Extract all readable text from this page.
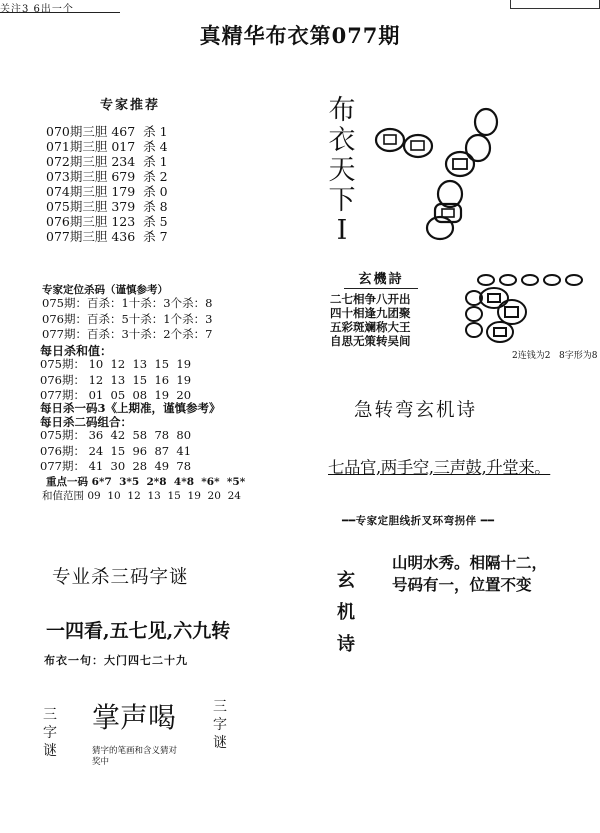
关注3 6出一个
真精华布衣第077期
专家推荐
070期三胆 467  杀 1
071期三胆 017  杀 4
072期三胆 234  杀 1
073期三胆 679  杀 2
074期三胆 179  杀 0
075期三胆 379  杀 8
076期三胆 123  杀 5
077期三胆 436  杀 7
专家定位杀码（谨慎参考）
075期：百杀：1十杀：3个杀：8
076期：百杀：5十杀：1个杀：3
077期：百杀：3十杀：2个杀：7
每日杀和值：
075期： 10  12  13  15  19
076期： 12  13  15  16  19
077期： 01  05  08  19  20
每日杀一码3《上期准，谨慎参考》
每日杀二码组合：
075期： 36  42  58  78  80
076期： 24  15  96  87  41
077期： 41  30  28  49  78
重点一码 6*7  3*5  2*8  4*8  *6*  *5*
和值范围 09  10  12  13  15  19  20  24
专业杀三码字谜
一四看,五七见,六九转
布衣一句：大门四七二十九
三字谜
掌声喝
猜字的笔画和含义猜对奖中
三字谜
布衣天下I
玄機詩
二七相争八开出
四十相逢九团聚
五彩斑斓称大王
自思无策转吴间
2连钱为2   8字形为8
急转弯玄机诗
七品官,两手空,三声鼓,升堂来。
━━专家定胆线折叉环弯拐伴 ━━
玄机诗
山明水秀。相隔十二，
号码有一，位置不变
